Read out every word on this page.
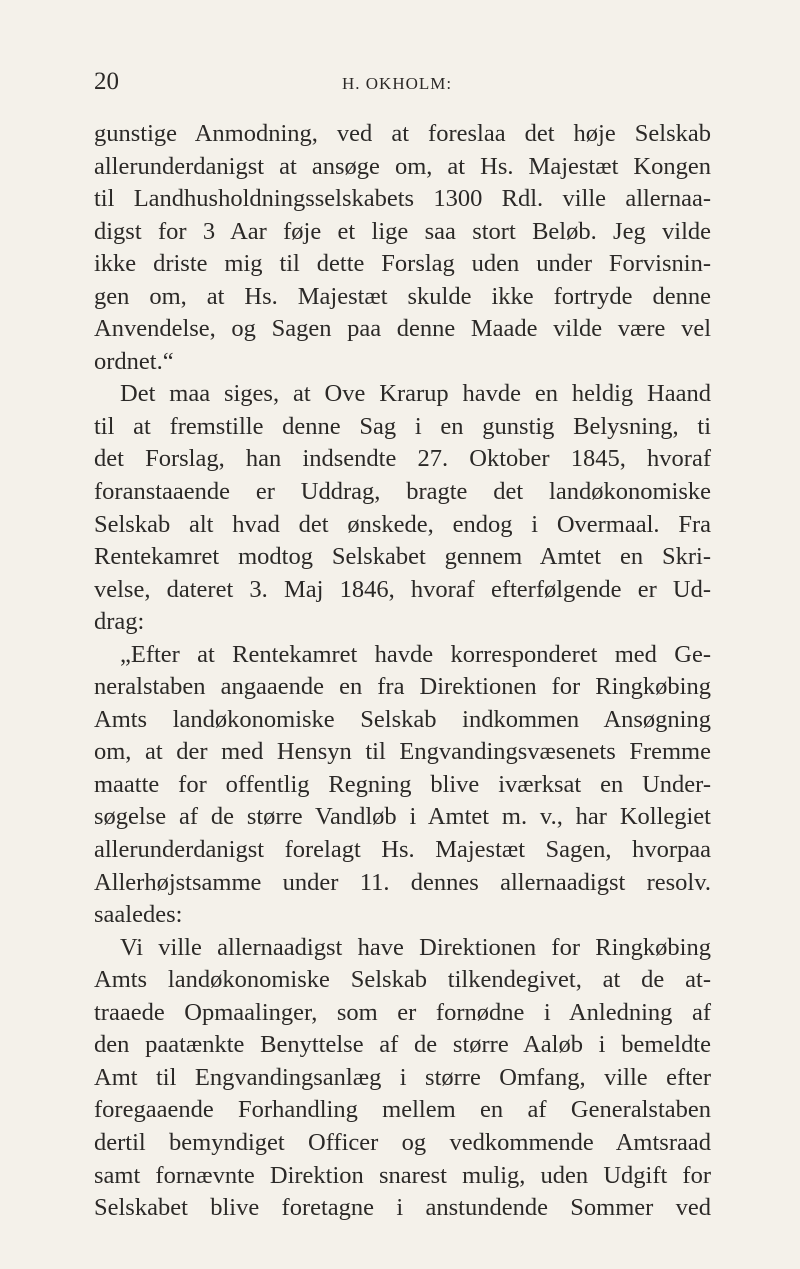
20	H. OKHOLM:
gunstige Anmodning, ved at foreslaa det høje Selskab
allerunderdanigst at ansøge om, at Hs. Majestæt Kongen
til Landhusholdningsselskabets 1300 Rdl. ville allernaa-
digst for 3 Aar føje et lige saa stort Beløb. Jeg vilde
ikke driste mig til dette Forslag uden under Forvisnin-
gen om, at Hs. Majestæt skulde ikke fortryde denne
Anvendelse, og Sagen paa denne Maade vilde være vel
ordnet.“
Det maa siges, at Ove Krarup havde en heldig Haand
til at fremstille denne Sag i en gunstig Belysning, ti
det Forslag, han indsendte 27. Oktober 1845, hvoraf
foranstaaende er Uddrag, bragte det landøkonomiske
Selskab alt hvad det ønskede, endog i Overmaal. Fra
Rentekamret modtog Selskabet gennem Amtet en Skri-
velse, dateret 3. Maj 1846, hvoraf efterfølgende er Ud-
drag:
„Efter at Rentekamret havde korresponderet med Ge-
neralstaben angaaende en fra Direktionen for Ringkøbing
Amts landøkonomiske Selskab indkommen Ansøgning
om, at der med Hensyn til Engvandingsvæsenets Fremme
maatte for offentlig Regning blive iværksat en Under-
søgelse af de større Vandløb i Amtet m. v., har Kollegiet
allerunderdanigst forelagt Hs. Majestæt Sagen, hvorpaa
Allerhøjstsamme under 11. dennes allernaadigst resolv.
saaledes:
Vi ville allernaadigst have Direktionen for Ringkøbing
Amts landøkonomiske Selskab tilkendegivet, at de at-
traaede Opmaalinger, som er fornødne i Anledning af
den paatænkte Benyttelse af de større Aaløb i bemeldte
Amt til Engvandingsanlæg i større Omfang, ville efter
foregaaende Forhandling mellem en af Generalstaben
dertil bemyndiget Officer og vedkommende Amtsraad
samt fornævnte Direktion snarest mulig, uden Udgift for
Selskabet blive foretagne i anstundende Sommer ved
